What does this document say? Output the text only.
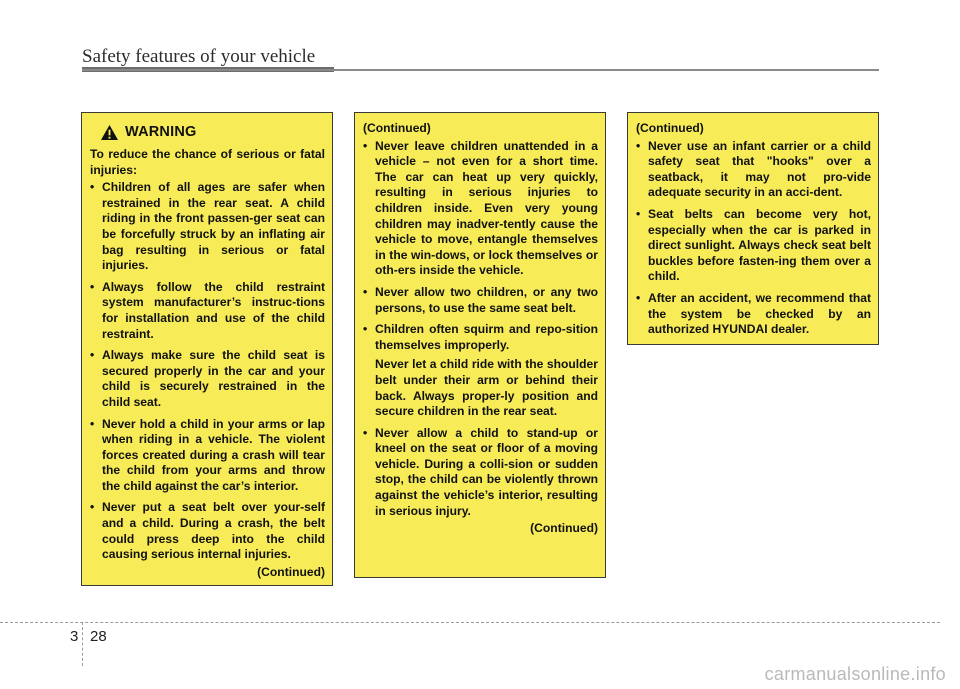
Safety features of your vehicle
WARNING
To reduce the chance of serious or fatal injuries:
• Children of all ages are safer when restrained in the rear seat. A child riding in the front passen-ger seat can be forcefully struck by an inflating air bag resulting in serious or fatal injuries.
• Always follow the child restraint system manufacturer’s instruc-tions for installation and use of the child restraint.
• Always make sure the child seat is secured properly in the car and your child is securely restrained in the child seat.
• Never hold a child in your arms or lap when riding in a vehicle. The violent forces created during a crash will tear the child from your arms and throw the child against the car’s interior.
• Never put a seat belt over your-self and a child. During a crash, the belt could press deep into the child causing serious internal injuries.
(Continued)
(Continued)
• Never leave children unattended in a vehicle – not even for a short time. The car can heat up very quickly, resulting in serious injuries to children inside. Even very young children may inadver-tently cause the vehicle to move, entangle themselves in the win-dows, or lock themselves or oth-ers inside the vehicle.
• Never allow two children, or any two persons, to use the same seat belt.
• Children often squirm and repo-sition themselves improperly.
Never let a child ride with the shoulder belt under their arm or behind their back. Always proper-ly position and secure children in the rear seat.
• Never allow a child to stand-up or kneel on the seat or floor of a moving vehicle. During a colli-sion or sudden stop, the child can be violently thrown against the vehicle’s interior, resulting in serious injury.
(Continued)
(Continued)
• Never use an infant carrier or a child safety seat that "hooks" over a seatback, it may not pro-vide adequate security in an acci-dent.
• Seat belts can become very hot, especially when the car is parked in direct sunlight. Always check seat belt buckles before fasten-ing them over a child.
• After an accident, we recommend that the system be checked by an authorized HYUNDAI dealer.
3 28
carmanualsonline.info
